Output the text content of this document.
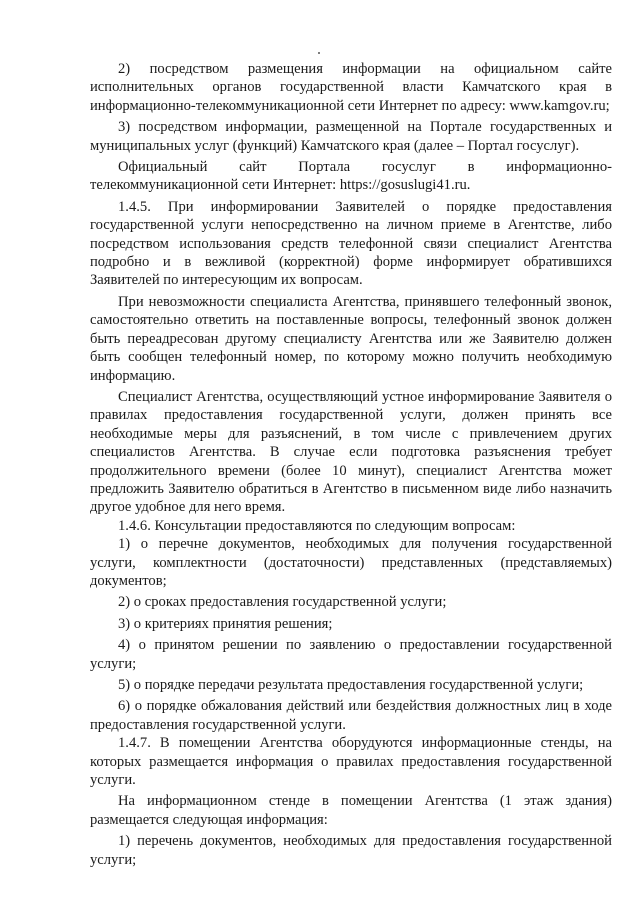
2) посредством размещения информации на официальном сайте исполнительных органов государственной власти Камчатского края в информационно-телекоммуникационной сети Интернет по адресу: www.kamgov.ru;

3) посредством информации, размещенной на Портале государственных и муниципальных услуг (функций) Камчатского края (далее – Портал госуслуг).

Официальный сайт Портала госуслуг в информационно-телекоммуникационной сети Интернет: https://gosuslugi41.ru.

1.4.5. При информировании Заявителей о порядке предоставления государственной услуги непосредственно на личном приеме в Агентстве, либо посредством использования средств телефонной связи специалист Агентства подробно и в вежливой (корректной) форме информирует обратившихся Заявителей по интересующим их вопросам.

При невозможности специалиста Агентства, принявшего телефонный звонок, самостоятельно ответить на поставленные вопросы, телефонный звонок должен быть переадресован другому специалисту Агентства или же Заявителю должен быть сообщен телефонный номер, по которому можно получить необходимую информацию.

Специалист Агентства, осуществляющий устное информирование Заявителя о правилах предоставления государственной услуги, должен принять все необходимые меры для разъяснений, в том числе с привлечением других специалистов Агентства. В случае если подготовка разъяснения требует продолжительного времени (более 10 минут), специалист Агентства может предложить Заявителю обратиться в Агентство в письменном виде либо назначить другое удобное для него время.

1.4.6. Консультации предоставляются по следующим вопросам:

1) о перечне документов, необходимых для получения государственной услуги, комплектности (достаточности) представленных (представляемых) документов;

2) о сроках предоставления государственной услуги;

3) о критериях принятия решения;

4) о принятом решении по заявлению о предоставлении государственной услуги;

5) о порядке передачи результата предоставления государственной услуги;

6) о порядке обжалования действий или бездействия должностных лиц в ходе предоставления государственной услуги.

1.4.7. В помещении Агентства оборудуются информационные стенды, на которых размещается информация о правилах предоставления государственной услуги.

На информационном стенде в помещении Агентства (1 этаж здания) размещается следующая информация:

1) перечень документов, необходимых для предоставления государственной услуги;
